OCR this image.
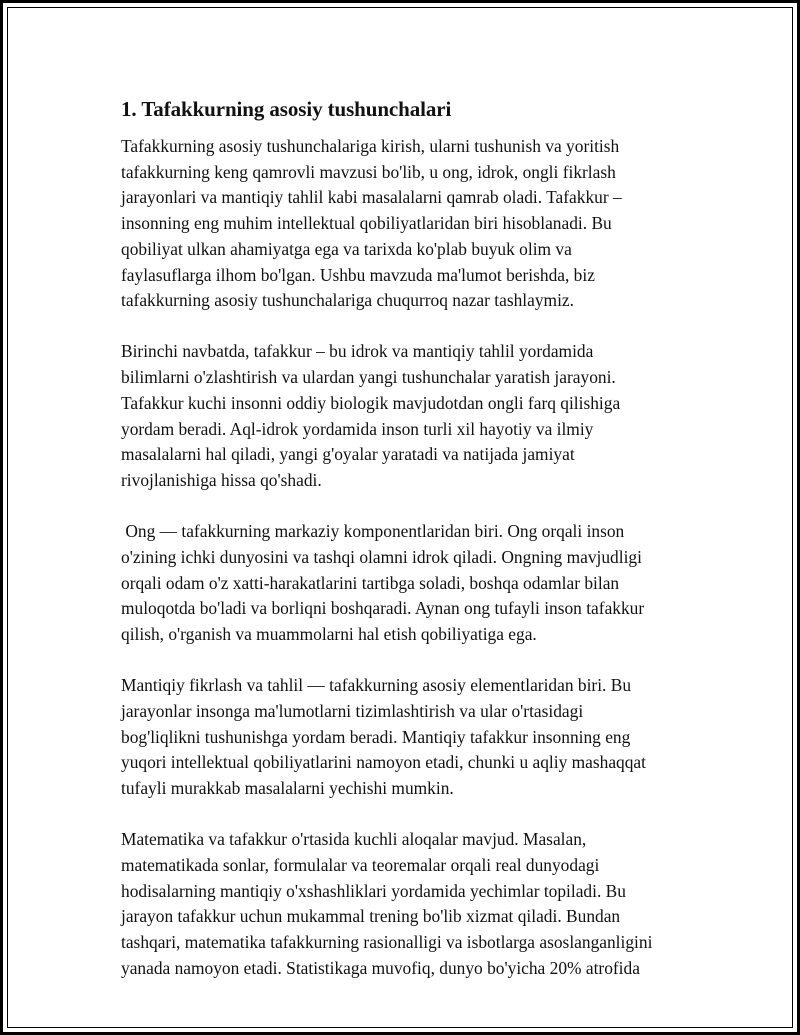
1. Tafakkurning asosiy tushunchalari
Tafakkurning asosiy tushunchalariga kirish, ularni tushunish va yoritish
tafakkurning keng qamrovli mavzusi bo'lib, u ong, idrok, ongli fikrlash
jarayonlari va mantiqiy tahlil kabi masalalarni qamrab oladi. Tafakkur –
insonning eng muhim intellektual qobiliyatlaridan biri hisoblanadi. Bu
qobiliyat ulkan ahamiyatga ega va tarixda ko'plab buyuk olim va
faylasuflarga ilhom bo'lgan. Ushbu mavzuda ma'lumot berishda, biz
tafakkurning asosiy tushunchalariga chuqurroq nazar tashlaymiz.
Birinchi navbatda, tafakkur – bu idrok va mantiqiy tahlil yordamida
bilimlarni o'zlashtirish va ulardan yangi tushunchalar yaratish jarayoni.
Tafakkur kuchi insonni oddiy biologik mavjudotdan ongli farq qilishiga
yordam beradi. Aql-idrok yordamida inson turli xil hayotiy va ilmiy
masalalarni hal qiladi, yangi g'oyalar yaratadi va natijada jamiyat
rivojlanishiga hissa qo'shadi.
Ong — tafakkurning markaziy komponentlaridan biri. Ong orqali inson
o'zining ichki dunyosini va tashqi olamni idrok qiladi. Ongning mavjudligi
orqali odam o'z xatti-harakatlarini tartibga soladi, boshqa odamlar bilan
muloqotda bo'ladi va borliqni boshqaradi. Aynan ong tufayli inson tafakkur
qilish, o'rganish va muammolarni hal etish qobiliyatiga ega.
Mantiqiy fikrlash va tahlil — tafakkurning asosiy elementlaridan biri. Bu
jarayonlar insonga ma'lumotlarni tizimlashtirish va ular o'rtasidagi
bog'liqlikni tushunishga yordam beradi. Mantiqiy tafakkur insonning eng
yuqori intellektual qobiliyatlarini namoyon etadi, chunki u aqliy mashaqqat
tufayli murakkab masalalarni yechishi mumkin.
Matematika va tafakkur o'rtasida kuchli aloqalar mavjud. Masalan,
matematikada sonlar, formulalar va teoremalar orqali real dunyodagi
hodisalarning mantiqiy o'xshashliklari yordamida yechimlar topiladi. Bu
jarayon tafakkur uchun mukammal trening bo'lib xizmat qiladi. Bundan
tashqari, matematika tafakkurning rasionalligi va isbotlarga asoslanganligini
yanada namoyon etadi. Statistikaga muvofiq, dunyo bo'yicha 20% atrofida
